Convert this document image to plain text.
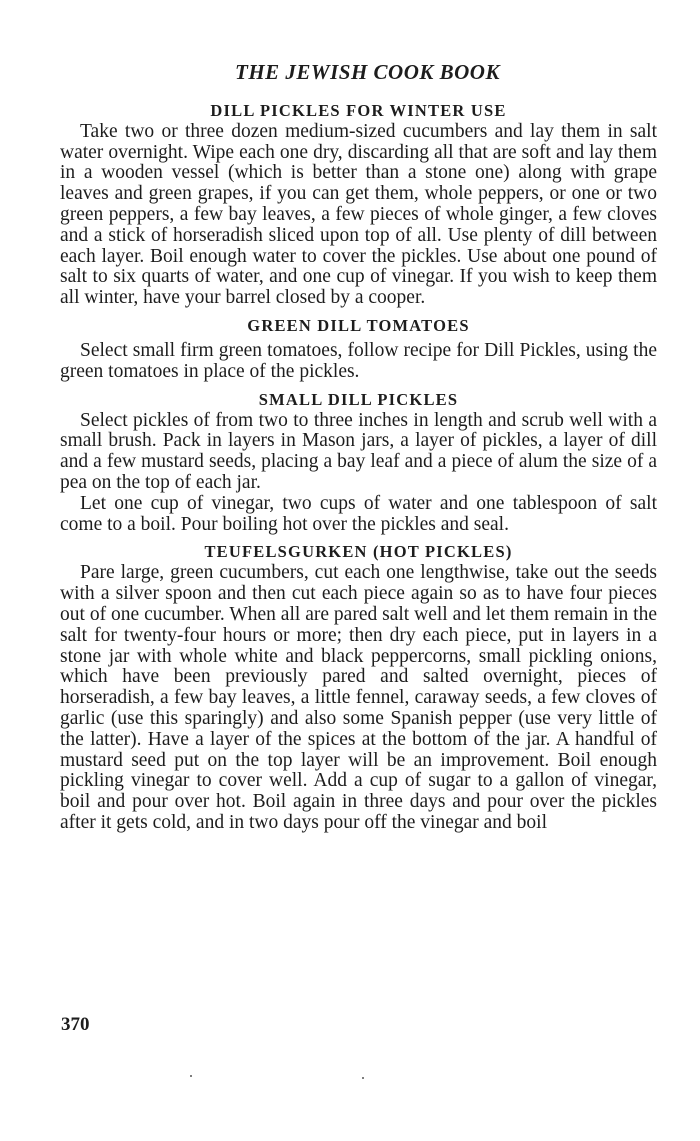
THE JEWISH COOK BOOK
DILL PICKLES FOR WINTER USE

Take two or three dozen medium-sized cucumbers and lay them in salt water overnight. Wipe each one dry, discarding all that are soft and lay them in a wooden vessel (which is better than a stone one) along with grape leaves and green grapes, if you can get them, whole peppers, or one or two green peppers, a few bay leaves, a few pieces of whole ginger, a few cloves and a stick of horseradish sliced upon top of all. Use plenty of dill between each layer. Boil enough water to cover the pickles. Use about one pound of salt to six quarts of water, and one cup of vinegar. If you wish to keep them all winter, have your barrel closed by a cooper.

GREEN DILL TOMATOES

Select small firm green tomatoes, follow recipe for Dill Pickles, using the green tomatoes in place of the pickles.

SMALL DILL PICKLES

Select pickles of from two to three inches in length and scrub well with a small brush. Pack in layers in Mason jars, a layer of pickles, a layer of dill and a few mustard seeds, placing a bay leaf and a piece of alum the size of a pea on the top of each jar.

Let one cup of vinegar, two cups of water and one tablespoon of salt come to a boil. Pour boiling hot over the pickles and seal.

TEUFELSGURKEN (HOT PICKLES)

Pare large, green cucumbers, cut each one lengthwise, take out the seeds with a silver spoon and then cut each piece again so as to have four pieces out of one cucumber. When all are pared salt well and let them remain in the salt for twenty-four hours or more; then dry each piece, put in layers in a stone jar with whole white and black peppercorns, small pickling onions, which have been previously pared and salted overnight, pieces of horseradish, a few bay leaves, a little fennel, caraway seeds, a few cloves of garlic (use this sparingly) and also some Spanish pepper (use very little of the latter). Have a layer of the spices at the bottom of the jar. A handful of mustard seed put on the top layer will be an improvement. Boil enough pickling vinegar to cover well. Add a cup of sugar to a gallon of vinegar, boil and pour over hot. Boil again in three days and pour over the pickles after it gets cold, and in two days pour off the vinegar and boil

370
